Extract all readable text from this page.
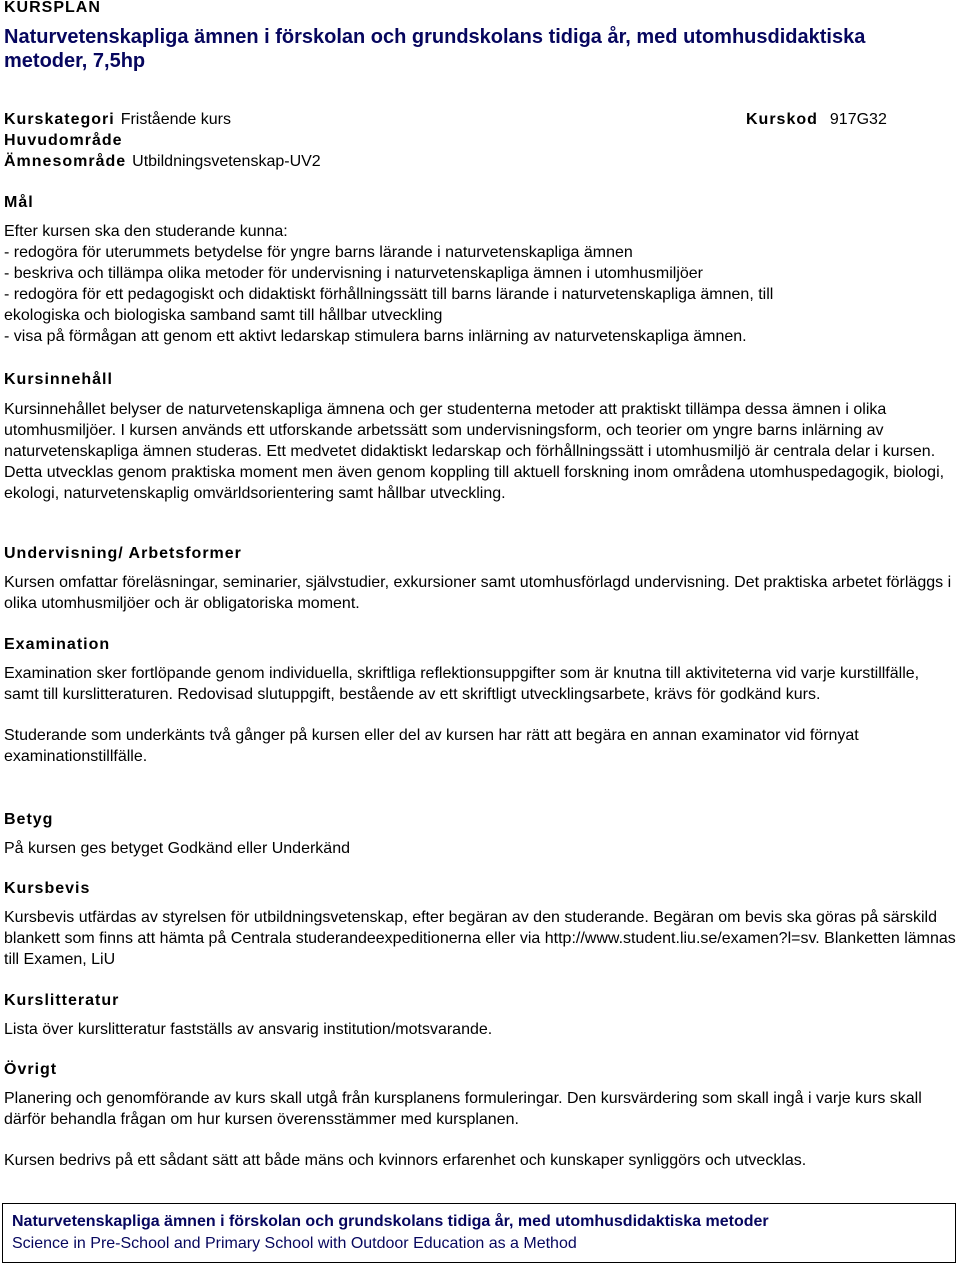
KURSPLAN
Naturvetenskapliga ämnen i förskolan och grundskolans tidiga år, med utomhusdidaktiska metoder, 7,5hp
Kurskategori Fristående kurs	Kurskod 917G32
Huvudområde
Ämnesområde Utbildningsvetenskap-UV2
Mål
Efter kursen ska den studerande kunna:
- redogöra för uterummets betydelse för yngre barns lärande i naturvetenskapliga ämnen
- beskriva och tillämpa olika metoder för undervisning i naturvetenskapliga ämnen i utomhusmiljöer
- redogöra för ett pedagogiskt och didaktiskt förhållningssätt till barns lärande i naturvetenskapliga ämnen, till
ekologiska och biologiska samband samt till hållbar utveckling
- visa på förmågan att genom ett aktivt ledarskap stimulera barns inlärning av naturvetenskapliga ämnen.
Kursinnehåll

Kursinnehållet belyser de naturvetenskapliga ämnena och ger studenterna metoder att praktiskt tillämpa dessa ämnen i olika utomhusmiljöer. I kursen används ett utforskande arbetssätt som undervisningsform, och teorier om yngre barns inlärning av naturvetenskapliga ämnen studeras. Ett medvetet didaktiskt ledarskap och förhållningssätt i utomhusmiljö är centrala delar i kursen. Detta utvecklas genom praktiska moment men även genom koppling till aktuell forskning inom områdena utomhuspedagogik, biologi, ekologi, naturvetenskaplig omvärldsorientering samt hållbar utveckling.

Undervisning/ Arbetsformer

Kursen omfattar föreläsningar, seminarier, självstudier, exkursioner samt utomhusförlagd undervisning. Det praktiska arbetet förläggs i olika utomhusmiljöer och är obligatoriska moment.

Examination

Examination sker fortlöpande genom individuella, skriftliga reflektionsuppgifter som är knutna till aktiviteterna vid varje kurstillfälle, samt till kurslitteraturen. Redovisad slutuppgift, bestående av ett skriftligt utvecklingsarbete, krävs för godkänd kurs.

Studerande som underkänts två gånger på kursen eller del av kursen har rätt att begära en annan examinator vid förnyat examinationstillfälle.

Betyg

På kursen ges betyget Godkänd eller Underkänd

Kursbevis

Kursbevis utfärdas av styrelsen för utbildningsvetenskap, efter begäran av den studerande. Begäran om bevis ska göras på särskild blankett som finns att hämta på Centrala studerandeexpeditionerna eller via http://www.student.liu.se/examen?l=sv. Blanketten lämnas till Examen, LiU

Kurslitteratur

Lista över kurslitteratur fastställs av ansvarig institution/motsvarande.

Övrigt

Planering och genomförande av kurs skall utgå från kursplanens formuleringar. Den kursvärdering som skall ingå i varje kurs skall därför behandla frågan om hur kursen överensstämmer med kursplanen.

Kursen bedrivs på ett sådant sätt att både mäns och kvinnors erfarenhet och kunskaper synliggörs och utvecklas.

Naturvetenskapliga ämnen i förskolan och grundskolans tidiga år, med utomhusdidaktiska metoder
Science in Pre-School and Primary School with Outdoor Education as a Method
